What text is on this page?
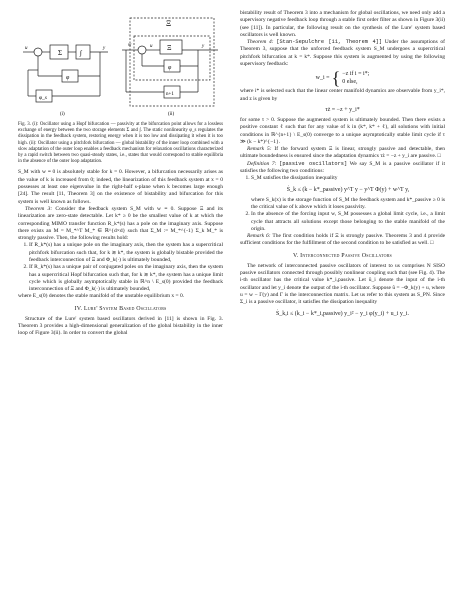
Σ	∫
φ
φ_s
u	y
(i)
Ξ
Ξ
φ
n+1
u	y
w
(ii)

Fig. 3. (i): Oscillator using a Hopf bifurcation — passivity at the bifurcation point allows for a lossless exchange of energy between the two storage elements Σ and ∫. The static nonlinearity φ_s regulates the dissipation in the feedback system, restoring energy when it is too low and dissipating it when it is too high. (ii): Oscillator using a pitchfork bifurcation — global bistability of the inner loop combined with a slow adaptation of the outer loop enables a feedback mechanism for relaxation oscillations characterized by a rapid switch between two quasi-steady states, i.e., states that would correspond to stable equilibria in the absence of the outer loop adaptation.

S_M with w ≡ 0 is absolutely stable for k = 0. However, a bifurcation necessarily arises as the value of k is increased from 0; indeed, the linearization of this feedback system at x = 0 possesses at least one eigenvalue in the right-half s-plane when k becomes large enough [24]. The result [11, Theorem 3] on the existence of bistability and bifurcation for this system is well known as follows.

Theorem 3: Consider the feedback system S_M with w ≡ 0. Suppose Ξ and its linearization are zero-state detectable. Let k* ≥ 0 be the smallest value of k at which the corresponding MIMO transfer function R_k*(s) has a pole on the imaginary axis. Suppose there exists an M = M_*^T M_* ∈ ℝ^{d×d} such that Σ_M := M_*^{-1} Σ_k M_* is strongly passive. Then, the following results hold:

1. If R_k*(s) has a unique pole on the imaginary axis, then the system has a supercritical pitchfork bifurcation such that, for k ≳ k*, the system is globally bistable provided the feedback interconnection of Ξ and Φ_k(·) is ultimately bounded,
2. If R_k*(s) has a unique pair of conjugated poles on the imaginary axis, then the system has a supercritical Hopf bifurcation such that, for k ≳ k*, the system has a unique limit cycle which is globally asymptotically stable in ℝ^n \ E_s(0) provided the feedback interconnection of Ξ and Φ_k(·) is ultimately bounded,

where E_s(0) denotes the stable manifold of the unstable equilibrium x = 0.

IV. Lure' System Based Oscillators

Structure of the Lure' system based oscillators derived in [11] is shown in Fig. 3. Theorem 3 provides a high-dimensional generalization of the global bistability in the inner loop of Figure 3(ii). In order to convert the global

bistability result of Theorem 3 into a mechanism for global oscillations, we need only add a supervisory negative feedback loop through a stable first order filter as shown in Figure 3(ii) (see [11]). In particular, the following result on the synthesis of the Lure' system based oscillators is well known.

Theorem 4: [Stan-Sepulchre [11, Theorem 4]] Under the assumptions of Theorem 3, suppose that the unforced feedback system S_M undergoes a supercritical pitchfork bifurcation at k = k*. Suppose this system is augmented by using the following supervisory feedback:

w_i = { −z if i = i*;
0 else,

where i* is selected such that the linear center manifold dynamics are observable from y_i*, and z is given by

τż = −z + y_i*

for some τ > 0. Suppose the augmented system is ultimately bounded. Then there exists a positive constant ℓ such that for any value of k in (k*, k* + ℓ), all solutions with initial conditions in ℝ^{n+1} \ E_s(0) converge to a unique asymptotically stable limit cycle if τ ≫ (k − k*)^{−1}.

Remark 5: If the forward system Ξ is linear, strongly passive and detectable, then ultimate boundedness is ensured since the adaptation dynamics τż = −z + y_i are passive. □

Definition 7: [passive oscillators] We say S_M is a passive oscillator if it satisfies the following two conditions:

1. S_M satisfies the dissipation inequality
Ṡ_k ≤ (k − k*_passive) y^T y − y^T Φ(y) + w^T y,
where S_k(x) is the storage function of S_M the feedback system and k*_passive ≥ 0 is the critical value of k above which it loses passivity.
2. In the absence of the forcing input w, S_M possesses a global limit cycle, i.e., a limit cycle that attracts all solutions except those belonging to the stable manifold of the origin.

Remark 6: The first condition holds if Ξ is strongly passive. Theorems 3 and 4 provide sufficient conditions for the fulfillment of the second condition to be satisfied as well. □

V. Interconnected Passive Oscillators

The network of interconnected passive oscillators of interest to us comprises N SISO passive oscillators connected through possibly nonlinear coupling such that (see Fig. 4). The i-th oscillator has the critical value k*_i,passive. Let ũ_i denote the input of the i-th oscillator and let y_i denote the output of the i-th oscillator. Suppose ũ = −Φ_k(y) + u, where u = w − Γ(y) and Γ is the interconnection matrix. Let us refer to this system as S_PN. Since Σ_i is a passive oscillator, it satisfies the dissipation inequality

Ṡ_k,i ≤ (k_i − k*_i,passive) y_i² − y_i φ(y_i) + u_i y_i.
